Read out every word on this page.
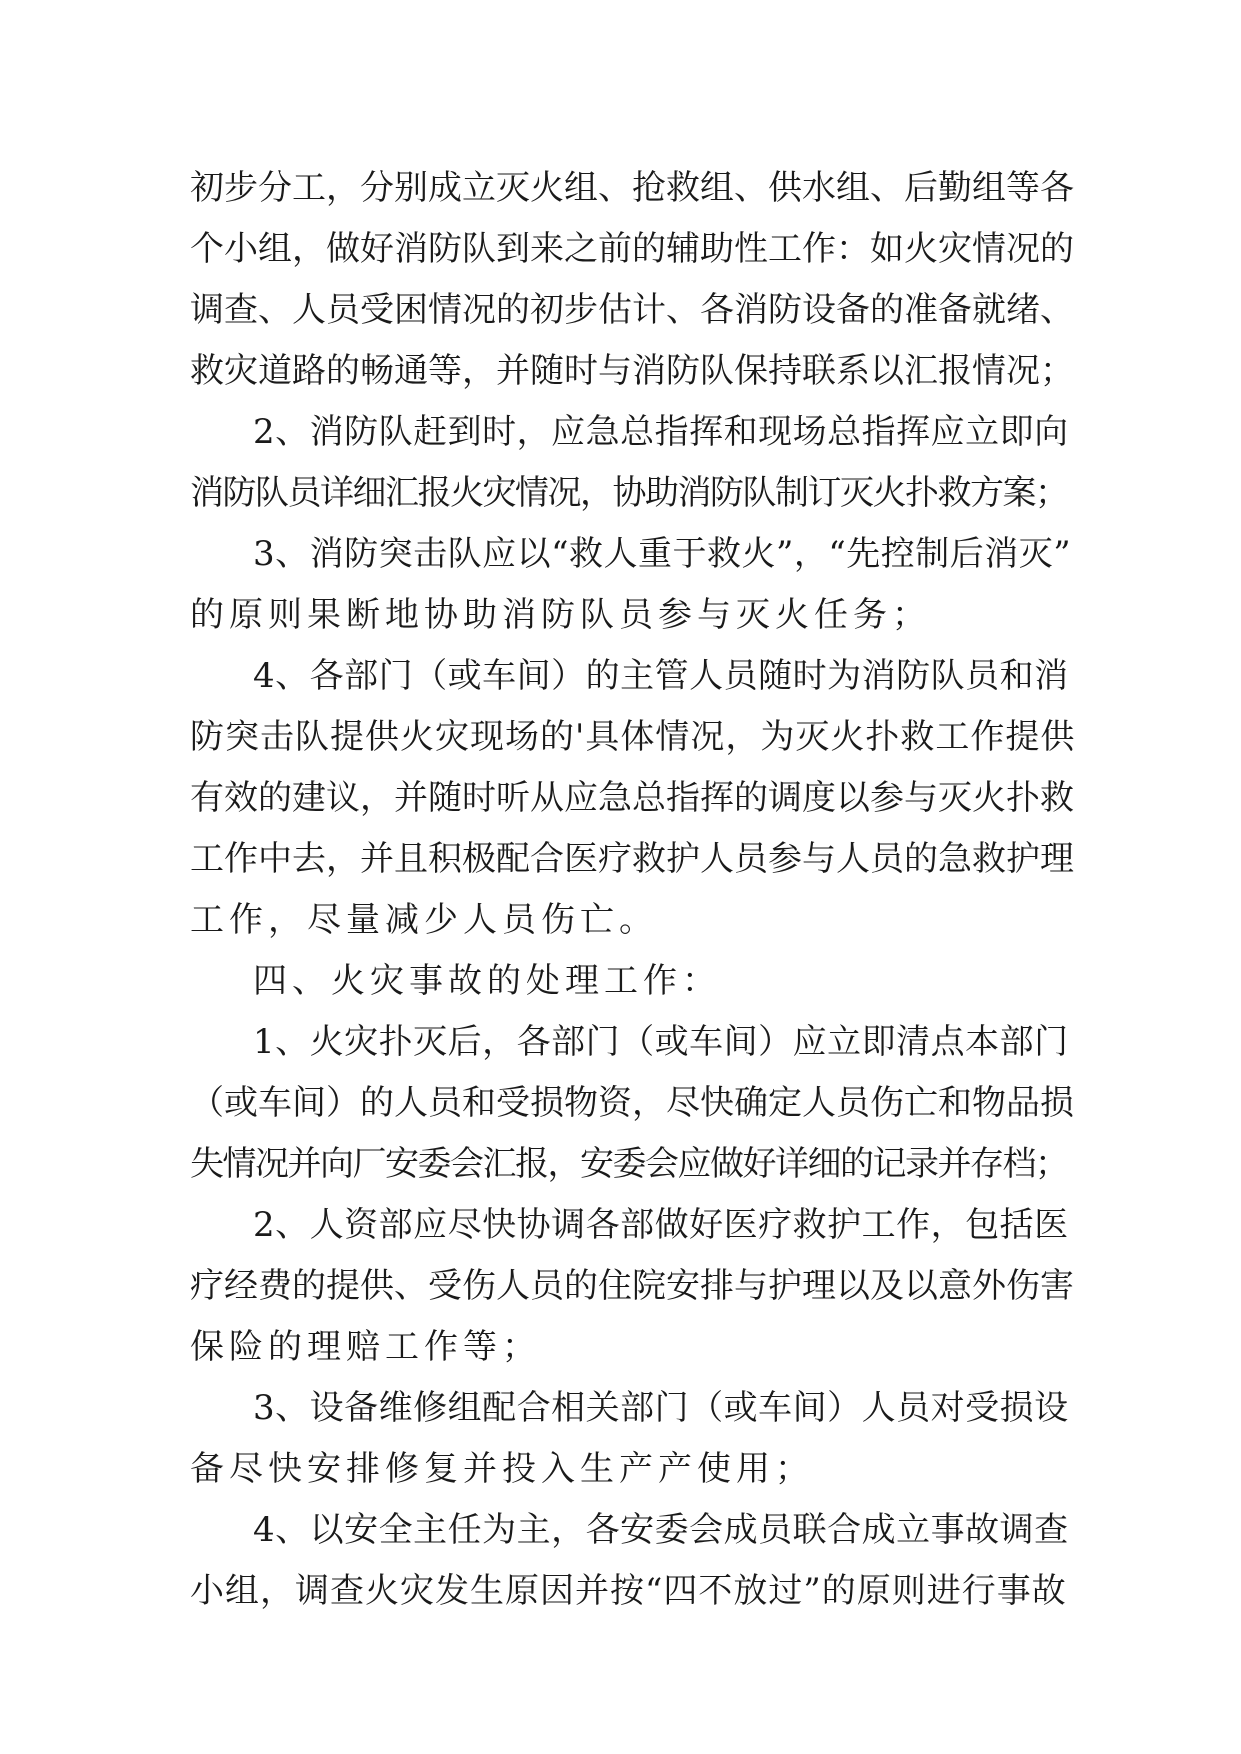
初步分工，分别成立灭火组、抢救组、供水组、后勤组等各
个小组，做好消防队到来之前的辅助性工作：如火灾情况的
调查、人员受困情况的初步估计、各消防设备的准备就绪、
救灾道路的畅通等，并随时与消防队保持联系以汇报情况；
2、消防队赶到时，应急总指挥和现场总指挥应立即向
消防队员详细汇报火灾情况，协助消防队制订灭火扑救方案；
3、消防突击队应以“救人重于救火”，“先控制后消灭”
的原则果断地协助消防队员参与灭火任务；
4、各部门（或车间）的主管人员随时为消防队员和消
防突击队提供火灾现场的'具体情况，为灭火扑救工作提供
有效的建议，并随时听从应急总指挥的调度以参与灭火扑救
工作中去，并且积极配合医疗救护人员参与人员的急救护理
工作，尽量减少人员伤亡。
四、火灾事故的处理工作：
1、火灾扑灭后，各部门（或车间）应立即清点本部门
（或车间）的人员和受损物资，尽快确定人员伤亡和物品损
失情况并向厂安委会汇报，安委会应做好详细的记录并存档；
2、人资部应尽快协调各部做好医疗救护工作，包括医
疗经费的提供、受伤人员的住院安排与护理以及以意外伤害
保险的理赔工作等；
3、设备维修组配合相关部门（或车间）人员对受损设
备尽快安排修复并投入生产产使用；
4、以安全主任为主，各安委会成员联合成立事故调查
小组，调查火灾发生原因并按“四不放过”的原则进行事故
